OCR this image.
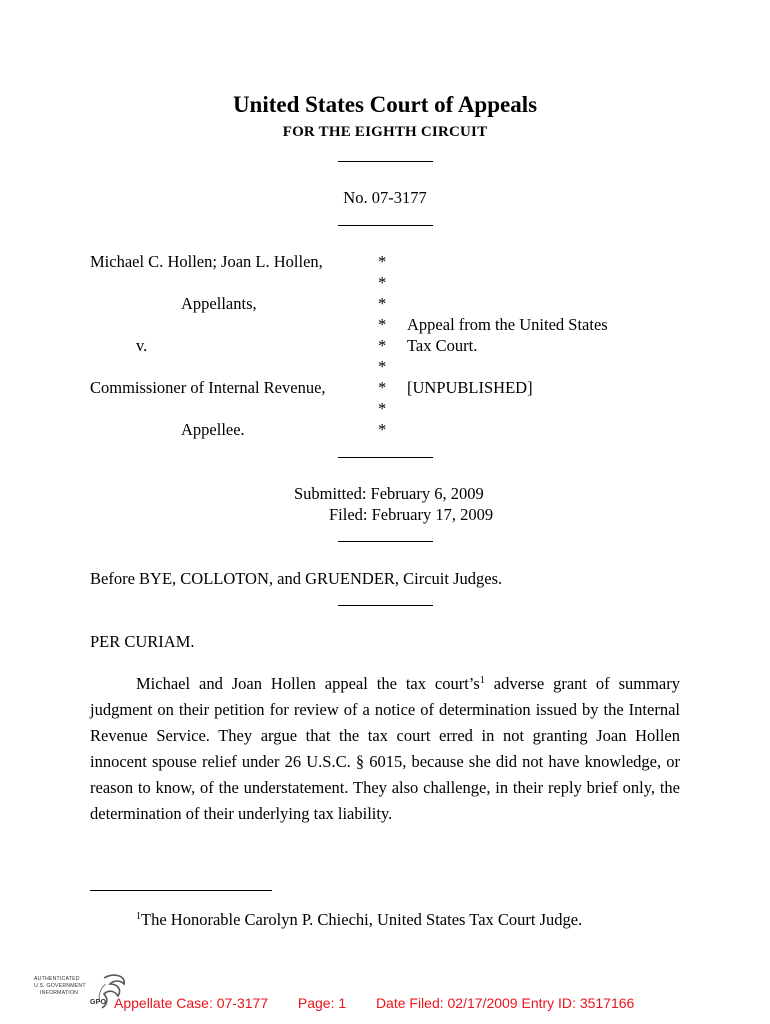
United States Court of Appeals
FOR THE EIGHTH CIRCUIT
No. 07-3177
Michael C. Hollen; Joan L. Hollen,
Appellants,
v.
Commissioner of Internal Revenue,
Appellee.
*
*
*
*
*
*
*
*
*
Appeal from the United States
Tax Court.
[UNPUBLISHED]
Submitted: February 6, 2009
Filed: February 17, 2009
Before BYE, COLLOTON, and GRUENDER, Circuit Judges.
PER CURIAM.

Michael and Joan Hollen appeal the tax $court’s^1$ adverse grant of summary judgment on their petition for review of a notice of determination issued by the Internal Revenue Service. They argue that the tax court erred in not granting Joan Hollen innocent spouse relief under 26 U.S.C. § 6015, because she did not have knowledge, or reason to know, of the understatement. They also challenge, in their reply brief only, the determination of their underlying tax liability.

$^1$The Honorable Carolyn P. Chiechi, United States Tax Court Judge.
AUTHENTICATED
U.S. GOVERNMENT
INFORMATION
GPO Appellate Case: 07-3177 Page: 1 Date Filed: 02/17/2009 Entry ID: 3517166
